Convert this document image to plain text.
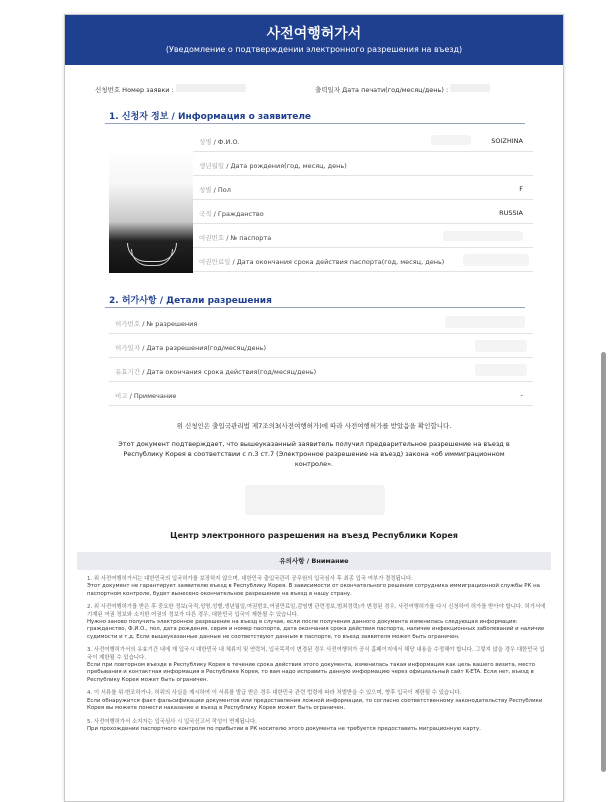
사전여행허가서
(Уведомление о подтверждении электронного разрешения на въезд)
신청번호 Номер заявки :	출력일자 Дата печати(год/месяц/день) :
1. 신청자 정보 / Информация о заявителе
성명 / Ф.И.О.	SOIZHINA
생년월일 / Дата рождения(год, месяц, день)
성별 / Пол	F
국적 / Гражданство	RUSSIA
여권번호 / № паспорта
여권만료일 / Дата окончания срока действия паспорта(год, месяц, день)
2. 허가사항 / Детали разрешения
허가번호 / № разрешения
허가일자 / Дата разрешения(год/месяц/день)
유효기간 / Дата окончания срока действия(год/месяц/день)
비고 / Примечание	-
위 신청인은 출입국관리법 제7조의3(사전여행허가)에 따라 사전여행허가를 받았음을 확인합니다.
Этот документ подтверждает, что вышеуказанный заявитель получил предварительное разрешение на въезд в Республику Корея в соответствии с п.3 ст.7 (Электронное разрешение на въезд) закона «об иммиграционном контроле».
Центр электронного разрешения на въезд Республики Корея
유의사항 / Внимание
1. 위 사전여행허가서는 대한민국의 입국허가를 보장하지 않으며, 대한민국 출입국관리 공무원의 입국심사 후 최종 입국 여부가 결정됩니다.
Этот документ не гарантирует заявителю въезд в Республику Корея. В зависимости от окончательного решения сотрудника иммиграционной службы РК на паспортном контроле, будет вынесено окончательное разрешение на въезд в нашу страну.
2. 위 사전여행허가를 받은 후 중요한 정보(국적,성명,성별,생년월일,여권번호,여권만료일,감염병 관련정보,범죄경력)가 변경된 경우, 사전여행허가를 다시 신청하여 허가를 받아야 합니다. 허가서에 기재된 여권 정보와 소지한 여권의 정보가 다른 경우, 대한민국 입국이 제한될 수 있습니다.
Нужно заново получить электронное разрешение на въезд в случае, если после получения данного документа изменилась следующая информация: гражданство, Ф.И.О., пол, дата рождения, серия и номер паспорта, дата окончания срока действия паспорта, наличие инфекционных заболеваний и наличие судимости и т.д. Если вышеуказанные данные не соответствуют данным в паспорте, то въезд заявителя может быть ограничен.
3. 사전여행허가서의 유효기간 내에 재 입국시 대한민국 내 체류지 및 연락처, 입국목적이 변경된 경우 사전여행허가 공식 홈페이지에서 해당 내용을 수정해야 합니다. 그렇지 않을 경우 대한민국 입국이 제한될 수 있습니다.
Если при повторном въезде в Республику Корея в течение срока действия этого документа, изменилась такая информация как цель вашего визита, место пребывания и контактная информация в Республике Корея, то вам надо исправить данную информацию через официальный сайт K-ETA. Если нет, въезд в Республику Корея может быть ограничен.
4. 이 서류를 위·변조하거나, 허위의 사실을 제시하여 이 서류를 발급 받은 경우 대한민국 관련 법령에 따라 처벌받을 수 있으며, 향후 입국이 제한될 수 있습니다.
Если обнаружится факт фальсификации документов или предоставления ложной информации, то согласно соответственному законодательству Республики Корея вы можете понести наказание и въезд в Республику Корея может быть ограничен.
5. 사전여행허가서 소지자는 입국심사 시 입국신고서 작성이 면제됩니다.
При прохождении паспортного контроля по прибытии в РК носителю этого документа не требуется предоставить миграционную карту.
